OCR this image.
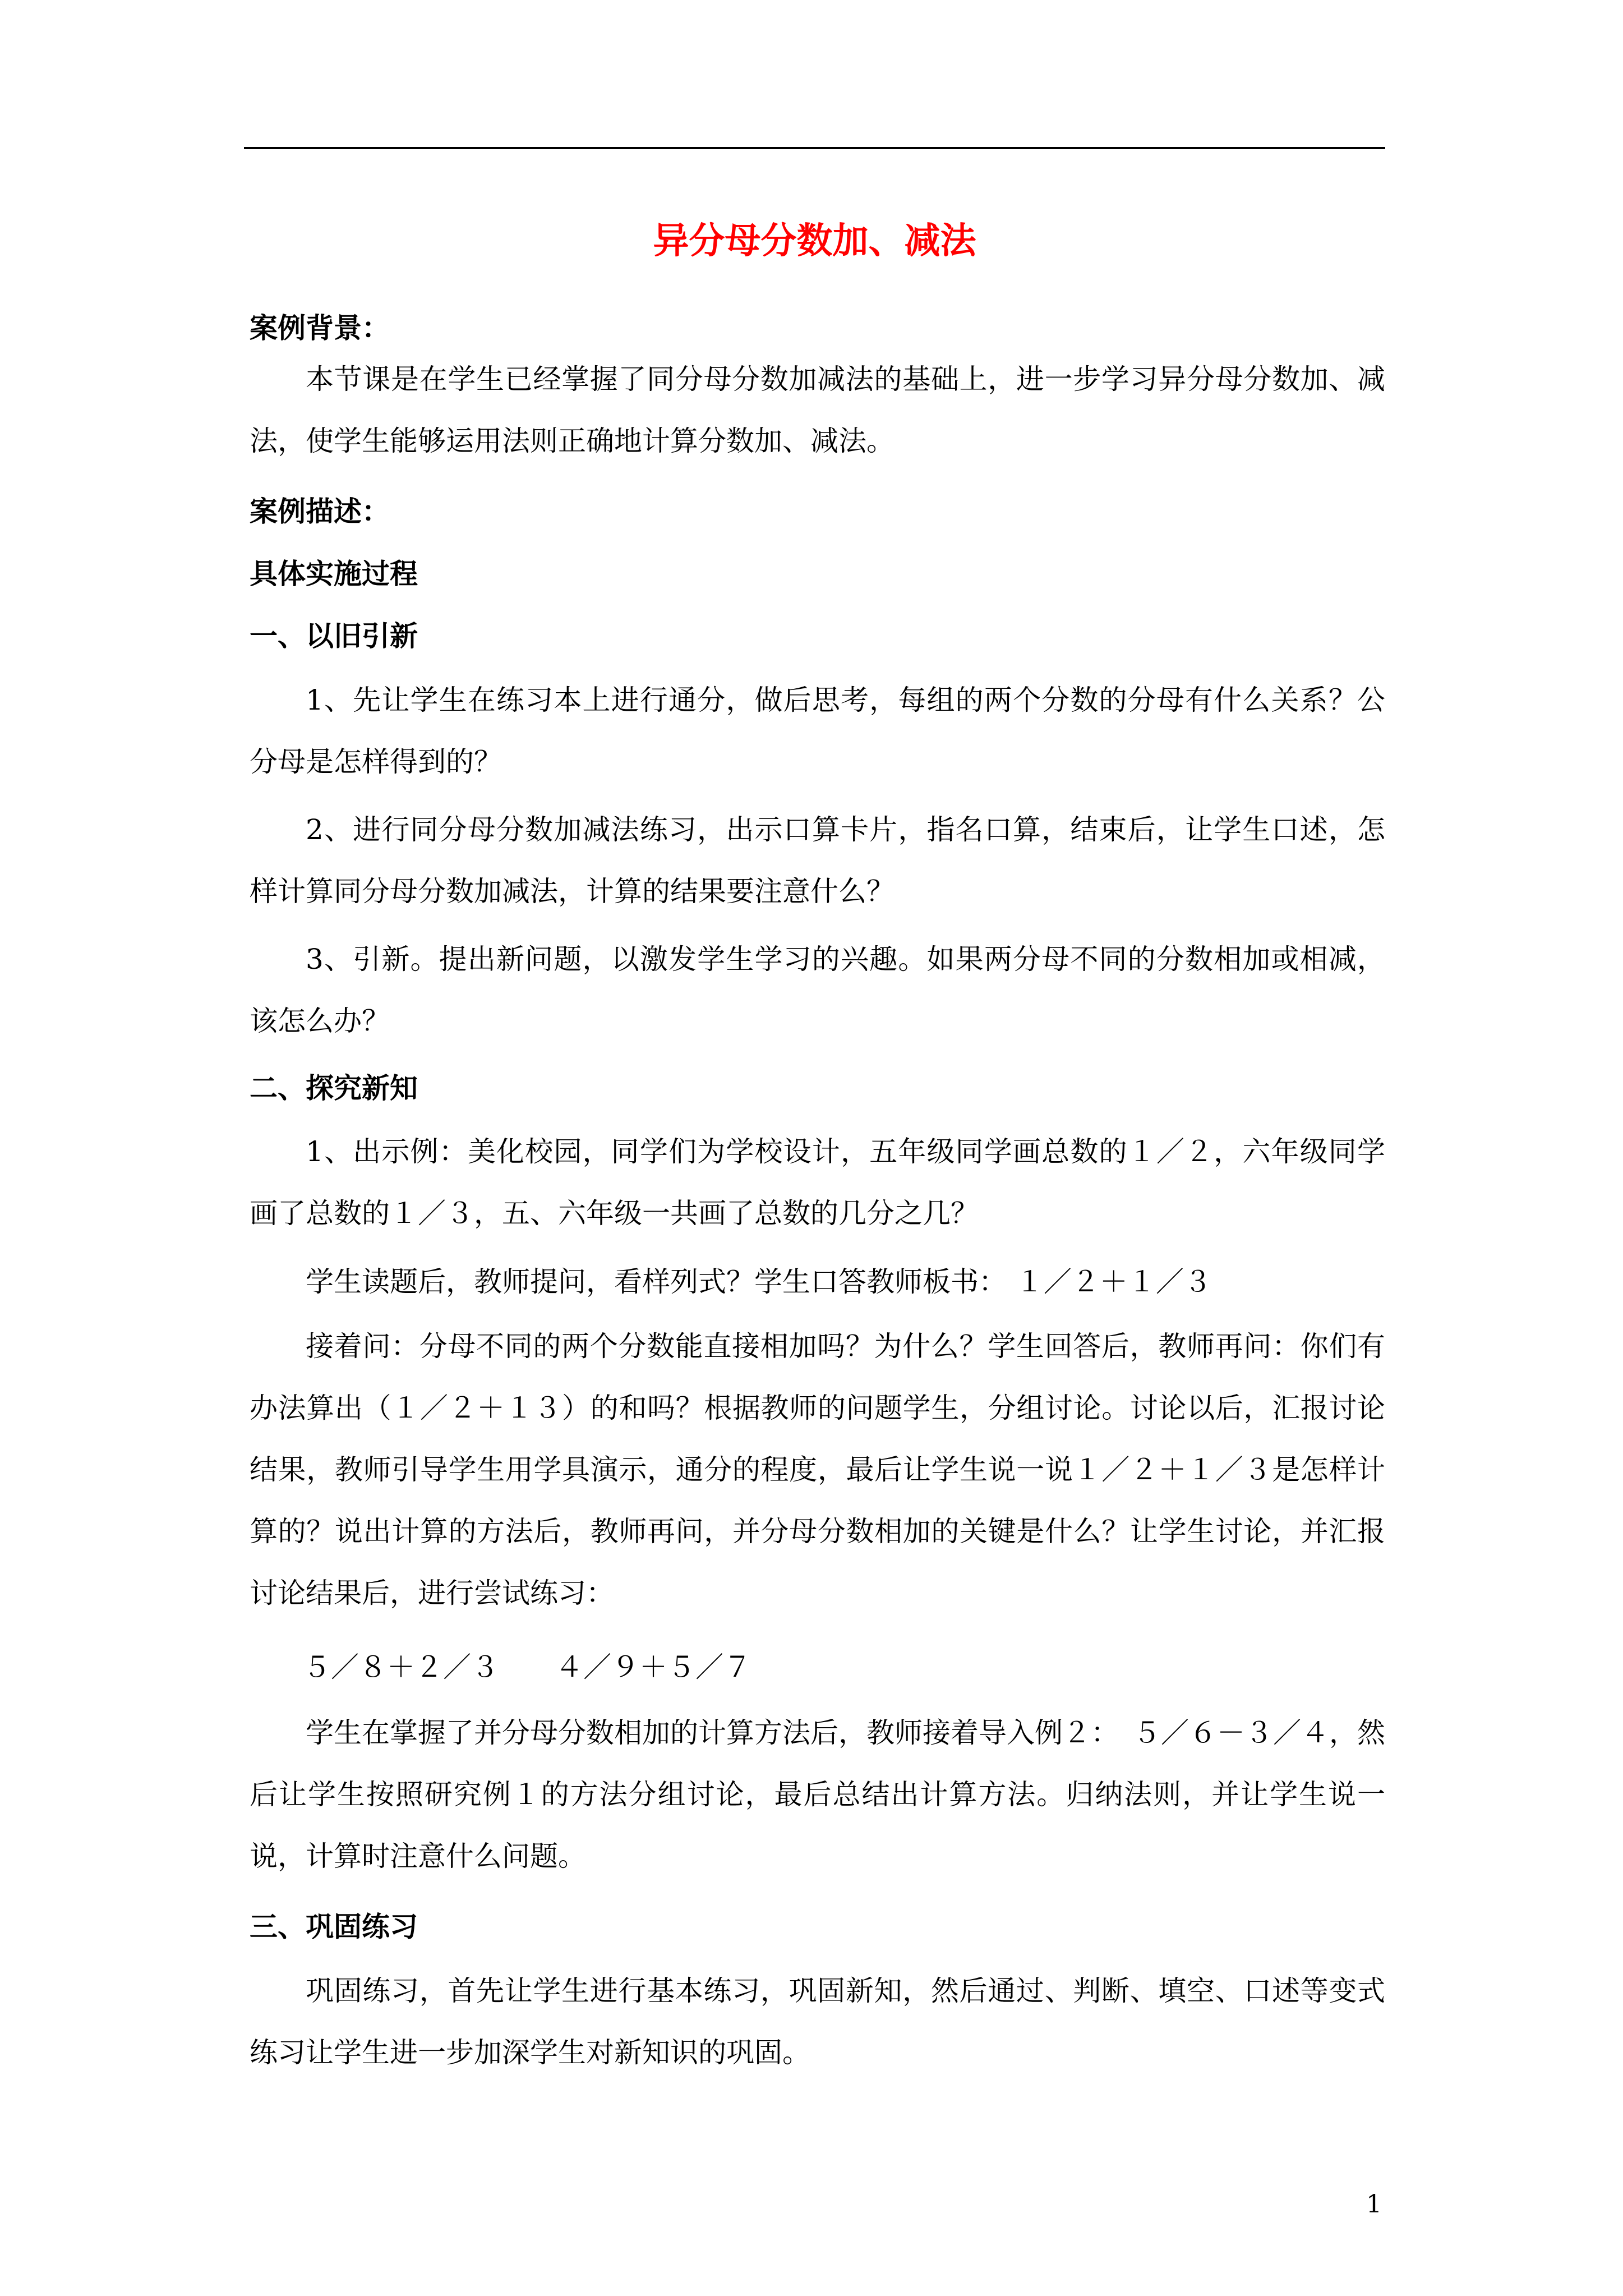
异分母分数加、减法

案例背景：

本节课是在学生已经掌握了同分母分数加减法的基础上，进一步学习异分母分数加、减法，使学生能够运用法则正确地计算分数加、减法。

案例描述：

具体实施过程

一、以旧引新

1、先让学生在练习本上进行通分，做后思考，每组的两个分数的分母有什么关系？公分母是怎样得到的？

2、进行同分母分数加减法练习，出示口算卡片，指名口算，结束后，让学生口述，怎样计算同分母分数加减法，计算的结果要注意什么？

3、引新。提出新问题，以激发学生学习的兴趣。如果两分母不同的分数相加或相减，该怎么办？

二、探究新知

1、出示例：美化校园，同学们为学校设计，五年级同学画总数的１／２，六年级同学画了总数的１／３，五、六年级一共画了总数的几分之几？

学生读题后，教师提问，看样列式？学生口答教师板书： １／２＋１／３

接着问：分母不同的两个分数能直接相加吗？为什么？学生回答后，教师再问：你们有办法算出（１／２＋１３）的和吗？根据教师的问题学生，分组讨论。讨论以后，汇报讨论结果，教师引导学生用学具演示，通分的程度，最后让学生说一说１／２＋１／３是怎样计算的？说出计算的方法后，教师再问，并分母分数相加的关键是什么？让学生讨论，并汇报讨论结果后，进行尝试练习：

５／８＋２／３　　４／９＋５／７

学生在掌握了并分母分数相加的计算方法后，教师接着导入例２：　５／６－３／４，然后让学生按照研究例１的方法分组讨论，最后总结出计算方法。归纳法则，并让学生说一说，计算时注意什么问题。

三、巩固练习

巩固练习，首先让学生进行基本练习，巩固新知，然后通过、判断、填空、口述等变式练习让学生进一步加深学生对新知识的巩固。

1
